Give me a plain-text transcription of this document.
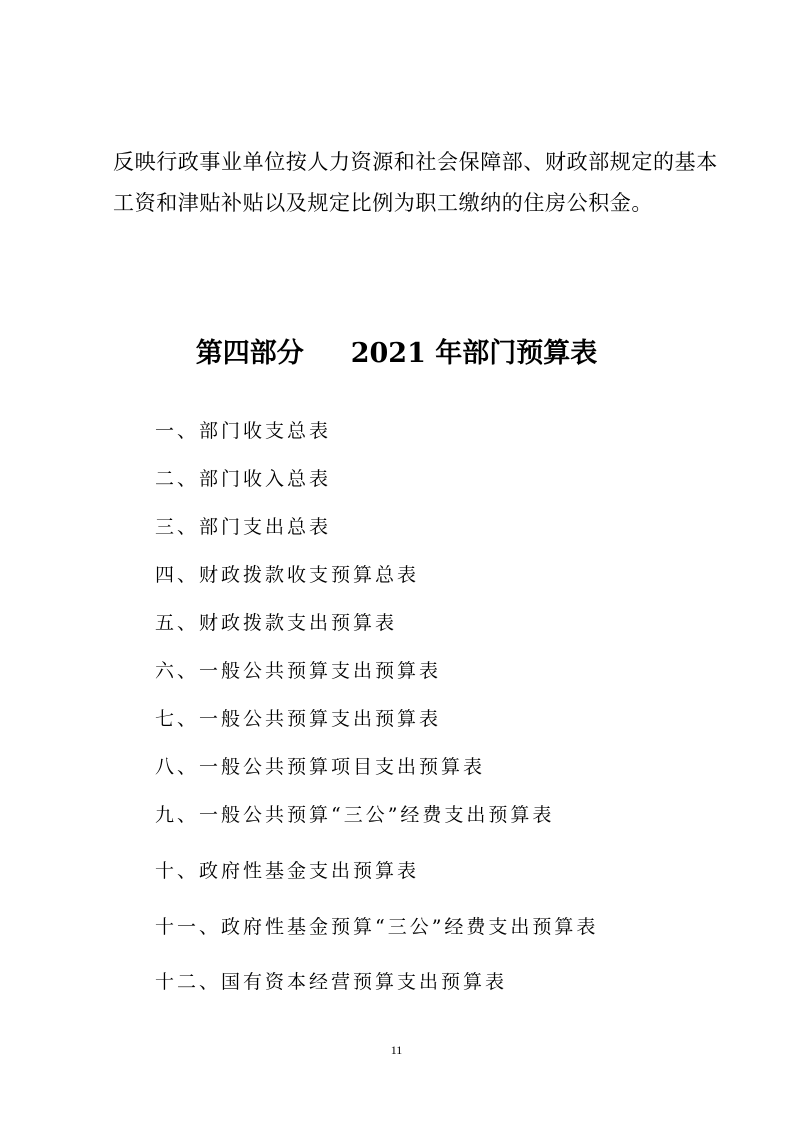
反映行政事业单位按人力资源和社会保障部、财政部规定的基本
工资和津贴补贴以及规定比例为职工缴纳的住房公积金。
第四部分 2021 年部门预算表
一、部门收支总表
二、部门收入总表
三、部门支出总表
四、财政拨款收支预算总表
五、财政拨款支出预算表
六、一般公共预算支出预算表
七、一般公共预算支出预算表
八、一般公共预算项目支出预算表
九、一般公共预算“三公”经费支出预算表
十、政府性基金支出预算表
十一、政府性基金预算“三公”经费支出预算表
十二、国有资本经营预算支出预算表
11
